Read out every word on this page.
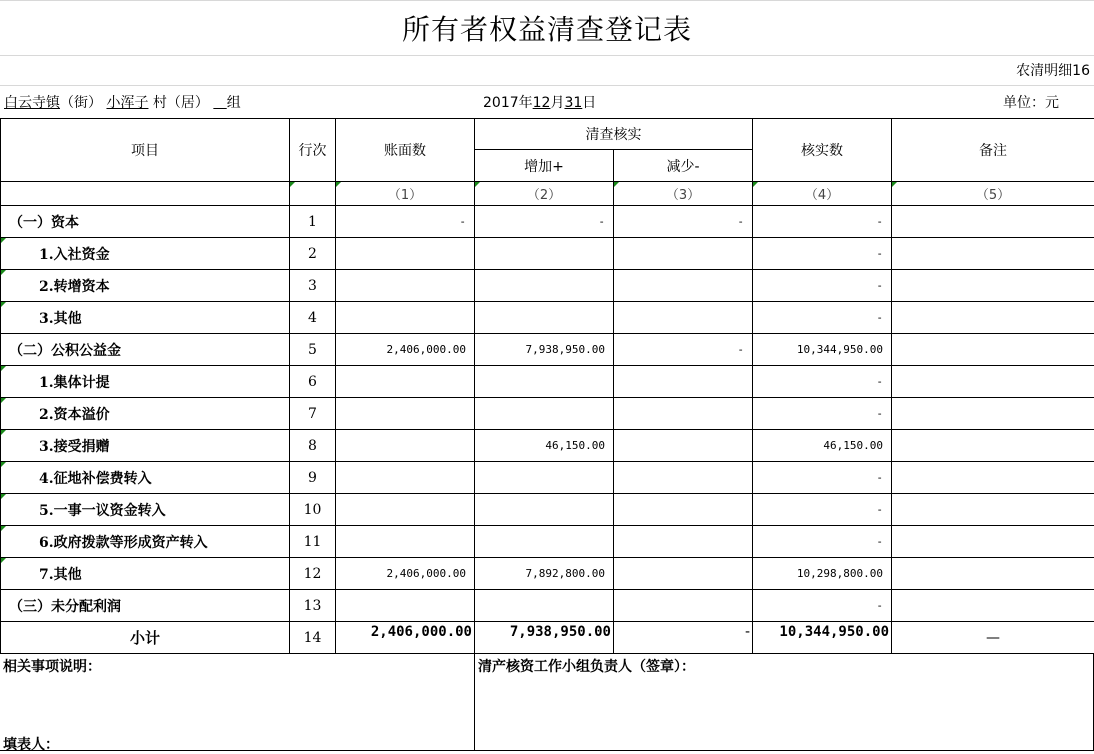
所有者权益清查登记表
农清明细16
白云寺镇（街） 小浑子 村（居） 组	2017年12月31日	单位：元
项目	行次	账面数	清查核实		核实数	备注
			增加+	减少-		
		（1）	（2）	（3）	（4）	（5）
（一）资本	1	-	-	-	-	
1.入社资金	2				-	
2.转增资本	3				-	
3.其他	4				-	
（二）公积公益金	5	2,406,000.00	7,938,950.00	-	10,344,950.00	
1.集体计提	6				-	
2.资本溢价	7				-	
3.接受捐赠	8		46,150.00		46,150.00	
4.征地补偿费转入	9				-	
5.一事一议资金转入	10				-	
6.政府拨款等形成资产转入	11				-	
7.其他	12	2,406,000.00	7,892,800.00		10,298,800.00	
（三）未分配利润	13				-	
小计	14	2,406,000.00	7,938,950.00	-	10,344,950.00	—
相关事项说明：
填表人：
清产核资工作小组负责人（签章）：
